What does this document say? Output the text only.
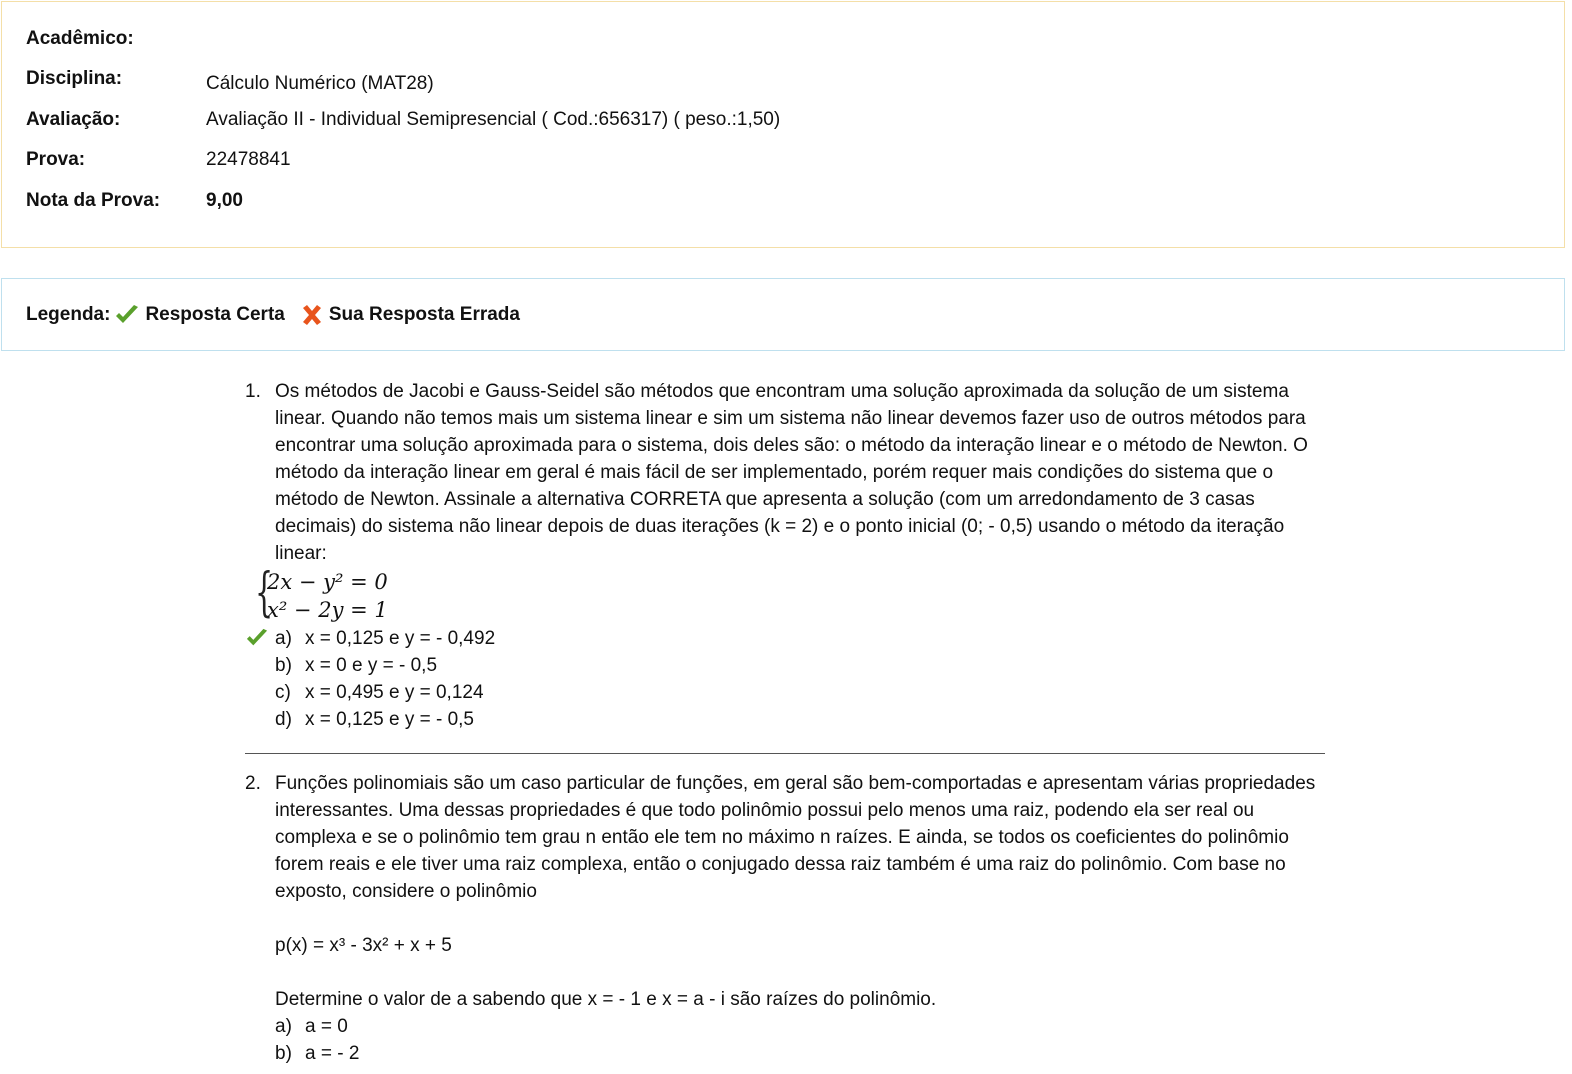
Acadêmico:
Disciplina:	Cálculo Numérico (MAT28)
Avaliação:	Avaliação II - Individual Semipresencial ( Cod.:656317) ( peso.:1,50)
Prova:	22478841
Nota da Prova: 9,00
Legenda: Resposta Certa Sua Resposta Errada
1. Os métodos de Jacobi e Gauss-Seidel são métodos que encontram uma solução aproximada da solução de um sistema linear. Quando não temos mais um sistema linear e sim um sistema não linear devemos fazer uso de outros métodos para encontrar uma solução aproximada para o sistema, dois deles são: o método da interação linear e o método de Newton. O método da interação linear em geral é mais fácil de ser implementado, porém requer mais condições do sistema que o método de Newton. Assinale a alternativa CORRETA que apresenta a solução (com um arredondamento de 3 casas decimais) do sistema não linear depois de duas iterações (k = 2) e o ponto inicial (0; - 0,5) usando o método da iteração linear:

{
2x − y² = 0
x² − 2y = 1
a) x = 0,125 e y = - 0,492
b) x = 0 e y = - 0,5
c) x = 0,495 e y = 0,124
d) x = 0,125 e y = - 0,5
2. Funções polinomiais são um caso particular de funções, em geral são bem-comportadas e apresentam várias propriedades interessantes. Uma dessas propriedades é que todo polinômio possui pelo menos uma raiz, podendo ela ser real ou complexa e se o polinômio tem grau n então ele tem no máximo n raízes. E ainda, se todos os coeficientes do polinômio forem reais e ele tiver uma raiz complexa, então o conjugado dessa raiz também é uma raiz do polinômio. Com base no exposto, considere o polinômio

p(x) = x³ - 3x² + x + 5

Determine o valor de a sabendo que x = - 1 e x = a - i são raízes do polinômio.

a) a = 0
b) a = - 2
